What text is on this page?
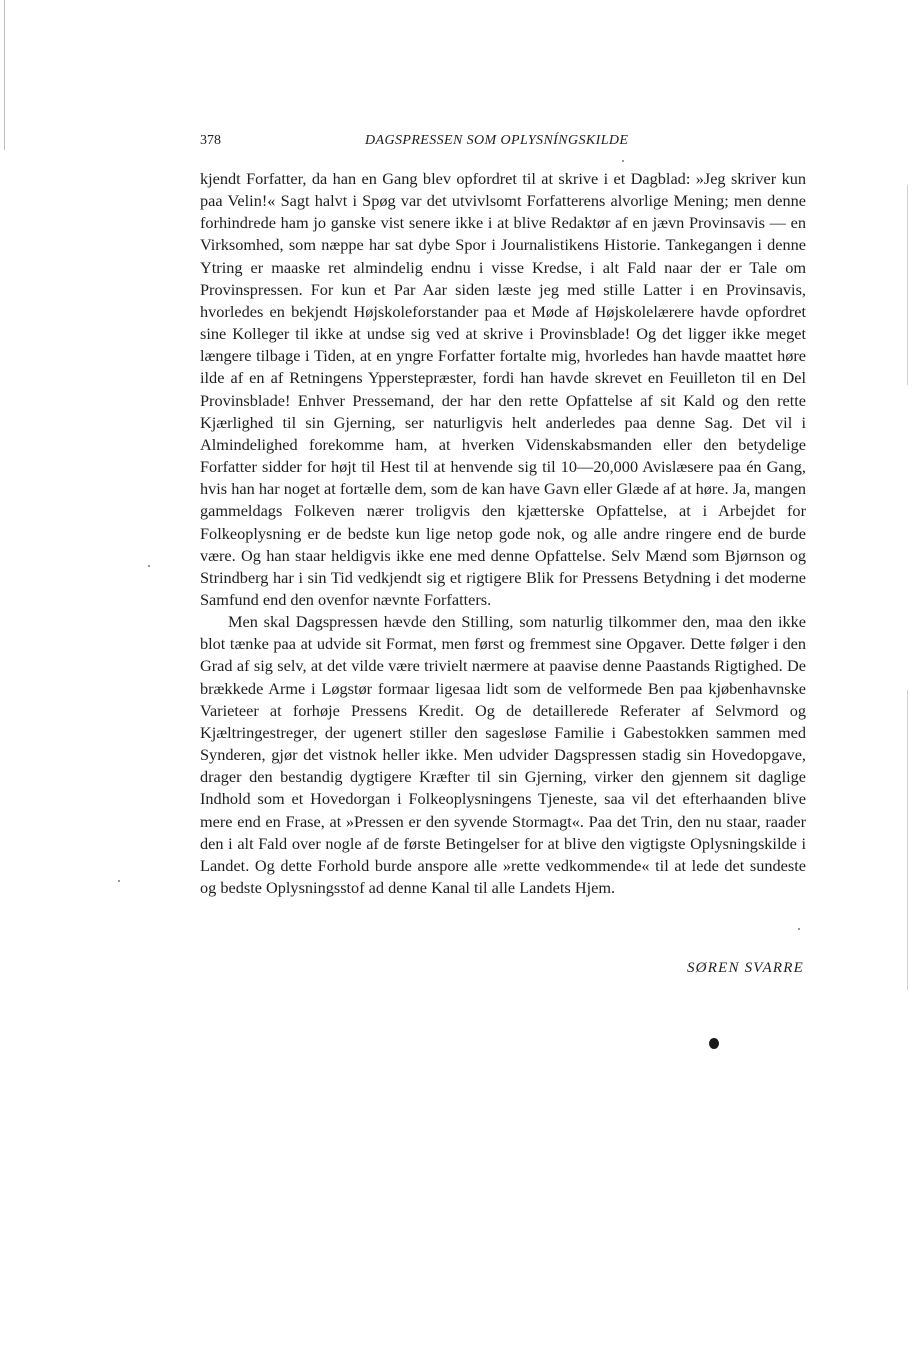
378	DAGSPRESSEN SOM OPLYSNÍNGSKILDE

kjendt Forfatter, da han en Gang blev opfordret til at skrive i et Dagblad: »Jeg skriver kun paa Velin!« Sagt halvt i Spøg var det utvivlsomt Forfatterens alvorlige Mening; men denne forhindrede ham jo ganske vist senere ikke i at blive Redaktør af en jævn Provinsavis — en Virksomhed, som næppe har sat dybe Spor i Journalistikens Historie. Tankegangen i denne Ytring er maaske ret almindelig endnu i visse Kredse, i alt Fald naar der er Tale om Provinspressen. For kun et Par Aar siden læste jeg med stille Latter i en Provinsavis, hvorledes en bekjendt Højskoleforstander paa et Møde af Højskolelærere havde opfordret sine Kolleger til ikke at undse sig ved at skrive i Provinsblade! Og det ligger ikke meget længere tilbage i Tiden, at en yngre Forfatter fortalte mig, hvorledes han havde maattet høre ilde af en af Retningens Ypperstepræster, fordi han havde skrevet en Feuilleton til en Del Provinsblade! Enhver Pressemand, der har den rette Opfattelse af sit Kald og den rette Kjærlighed til sin Gjerning, ser naturligvis helt anderledes paa denne Sag. Det vil i Almindelighed forekomme ham, at hverken Videnskabsmanden eller den betydelige Forfatter sidder for højt til Hest til at henvende sig til 10—20,000 Avislæsere paa én Gang, hvis han har noget at fortælle dem, som de kan have Gavn eller Glæde af at høre. Ja, mangen gammeldags Folkeven nærer troligvis den kjætterske Opfattelse, at i Arbejdet for Folkeoplysning er de bedste kun lige netop gode nok, og alle andre ringere end de burde være. Og han staar heldigvis ikke ene med denne Opfattelse. Selv Mænd som Bjørnson og Strindberg har i sin Tid vedkjendt sig et rigtigere Blik for Pressens Betydning i det moderne Samfund end den ovenfor nævnte Forfatters.

Men skal Dagspressen hævde den Stilling, som naturlig tilkommer den, maa den ikke blot tænke paa at udvide sit Format, men først og fremmest sine Opgaver. Dette følger i den Grad af sig selv, at det vilde være trivielt nærmere at paavise denne Paastands Rigtighed. De brækkede Arme i Løgstør formaar ligesaa lidt som de velformede Ben paa kjøbenhavnske Varieteer at forhøje Pressens Kredit. Og de detaillerede Referater af Selvmord og Kjæltringestreger, der ugenert stiller den sagesløse Familie i Gabestokken sammen med Synderen, gjør det vistnok heller ikke. Men udvider Dagspressen stadig sin Hovedopgave, drager den bestandig dygtigere Kræfter til sin Gjerning, virker den gjennem sit daglige Indhold som et Hovedorgan i Folkeoplysningens Tjeneste, saa vil det efterhaanden blive mere end en Frase, at »Pressen er den syvende Stormagt«. Paa det Trin, den nu staar, raader den i alt Fald over nogle af de første Betingelser for at blive den vigtigste Oplysningskilde i Landet. Og dette Forhold burde anspore alle »rette vedkommende« til at lede det sundeste og bedste Oplysningsstof ad denne Kanal til alle Landets Hjem.

SØREN SVARRE
